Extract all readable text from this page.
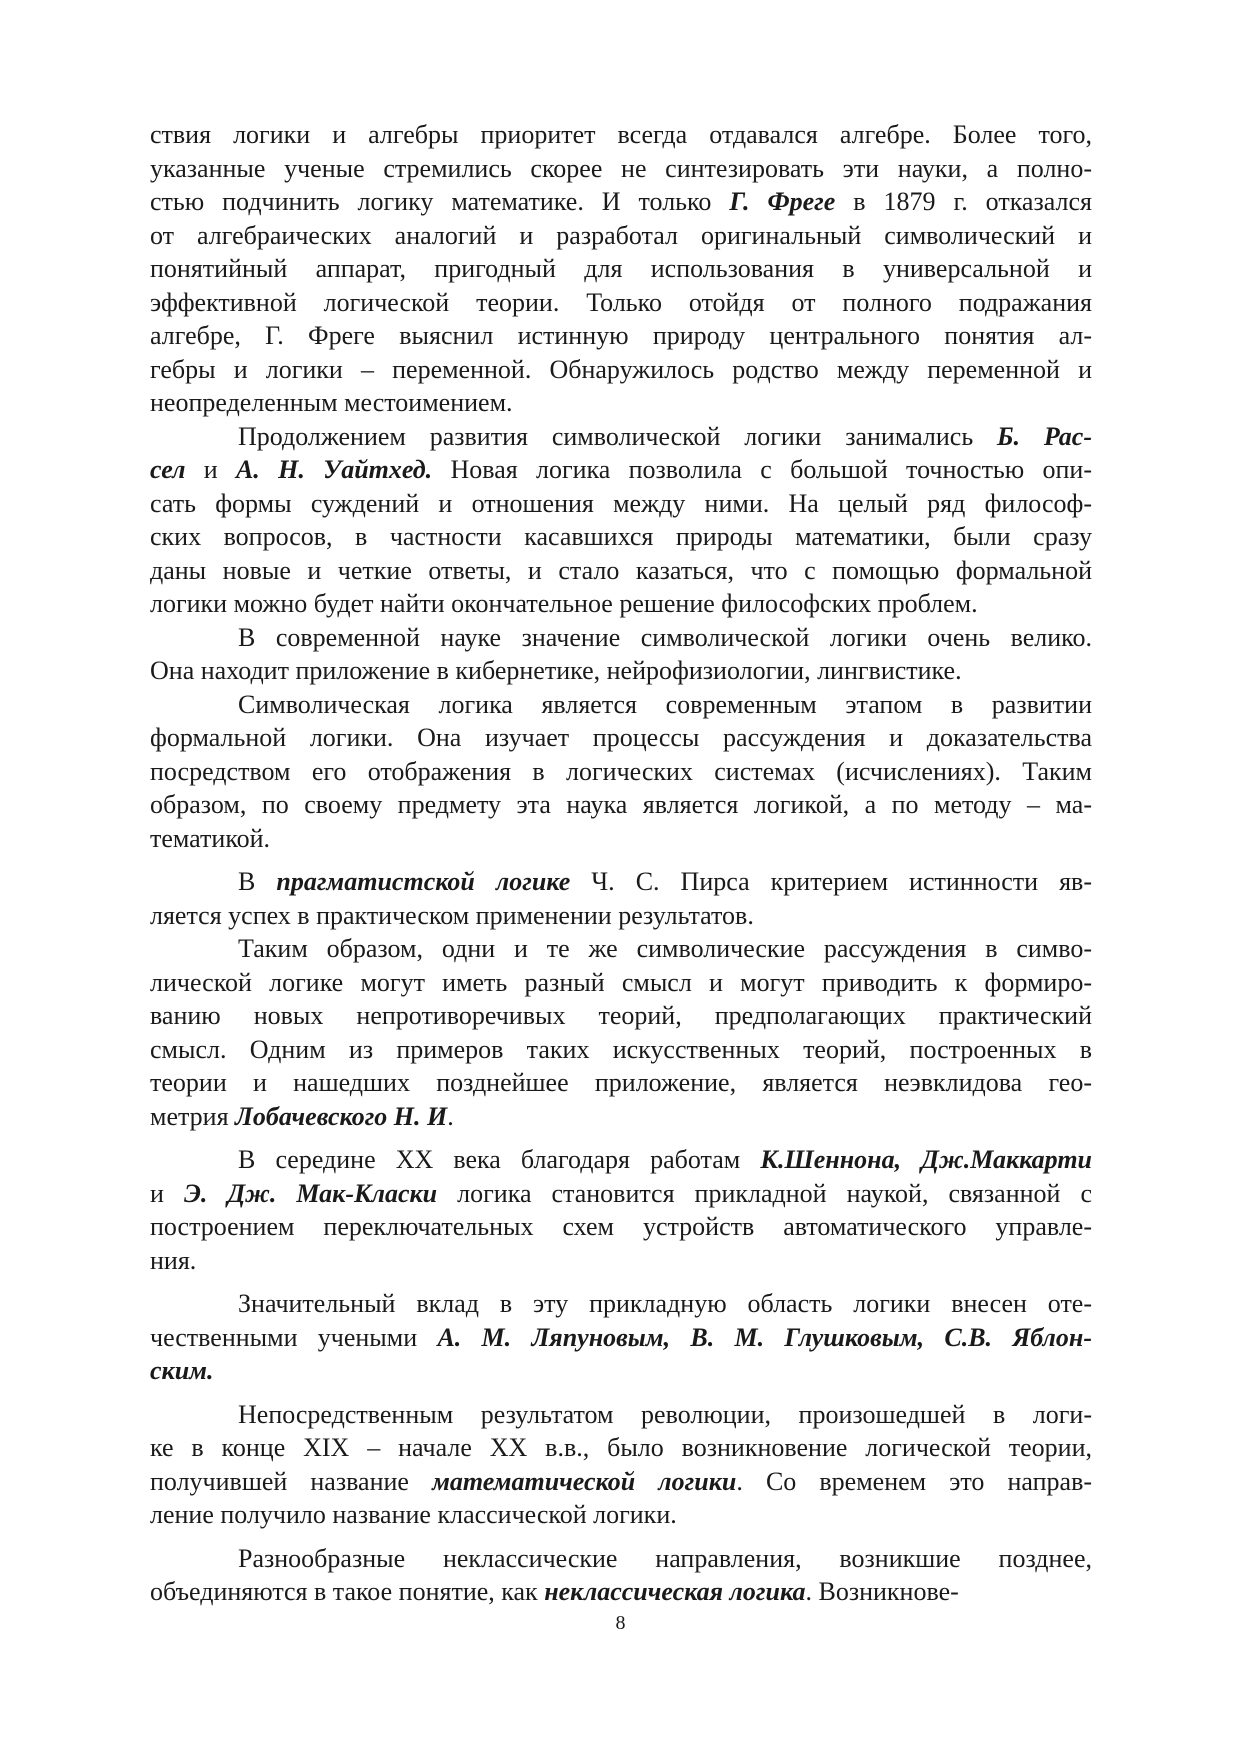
ствия логики и алгебры приоритет всегда отдавался алгебре. Более того,
указанные ученые стремились скорее не синтезировать эти науки, а полно-
стью подчинить логику математике. И только Г. Фреге в 1879 г. отказался
от алгебраических аналогий и разработал оригинальный символический и
понятийный аппарат, пригодный для использования в универсальной и
эффективной логической теории. Только отойдя от полного подражания
алгебре, Г. Фреге выяснил истинную природу центрального понятия ал-
гебры и логики – переменной. Обнаружилось родство между переменной и
неопределенным местоимением.
Продолжением развития символической логики занимались Б. Рас-
сел и А. Н. Уайтхед. Новая логика позволила с большой точностью опи-
сать формы суждений и отношения между ними. На целый ряд философ-
ских вопросов, в частности касавшихся природы математики, были сразу
даны новые и четкие ответы, и стало казаться, что с помощью формальной
логики можно будет найти окончательное решение философских проблем.
В современной науке значение символической логики очень велико.
Она находит приложение в кибернетике, нейрофизиологии, лингвистике.
Символическая логика является современным этапом в развитии
формальной логики. Она изучает процессы рассуждения и доказательства
посредством его отображения в логических системах (исчислениях). Таким
образом, по своему предмету эта наука является логикой, а по методу – ма-
тематикой.
В прагматистской логике Ч. С. Пирса критерием истинности яв-
ляется успех в практическом применении результатов.
Таким образом, одни и те же символические рассуждения в симво-
лической логике могут иметь разный смысл и могут приводить к формиро-
ванию новых непротиворечивых теорий, предполагающих практический
смысл. Одним из примеров таких искусственных теорий, построенных в
теории и нашедших позднейшее приложение, является неэвклидова гео-
метрия Лобачевского Н. И.
В середине XX века благодаря работам К.Шеннона, Дж.Маккарти
и Э. Дж. Мак-Класки логика становится прикладной наукой, связанной с
построением переключательных схем устройств автоматического управле-
ния.
Значительный вклад в эту прикладную область логики внесен оте-
чественными учеными А. М. Ляпуновым, В. М. Глушковым, С.В. Яблон-
ским.
Непосредственным результатом революции, произошедшей в логи-
ке в конце XIX – начале XX в.в., было возникновение логической теории,
получившей название математической логики. Со временем это направ-
ление получило название классической логики.
Разнообразные неклассические направления, возникшие позднее,
объединяются в такое понятие, как неклассическая логика. Возникнове-
8
